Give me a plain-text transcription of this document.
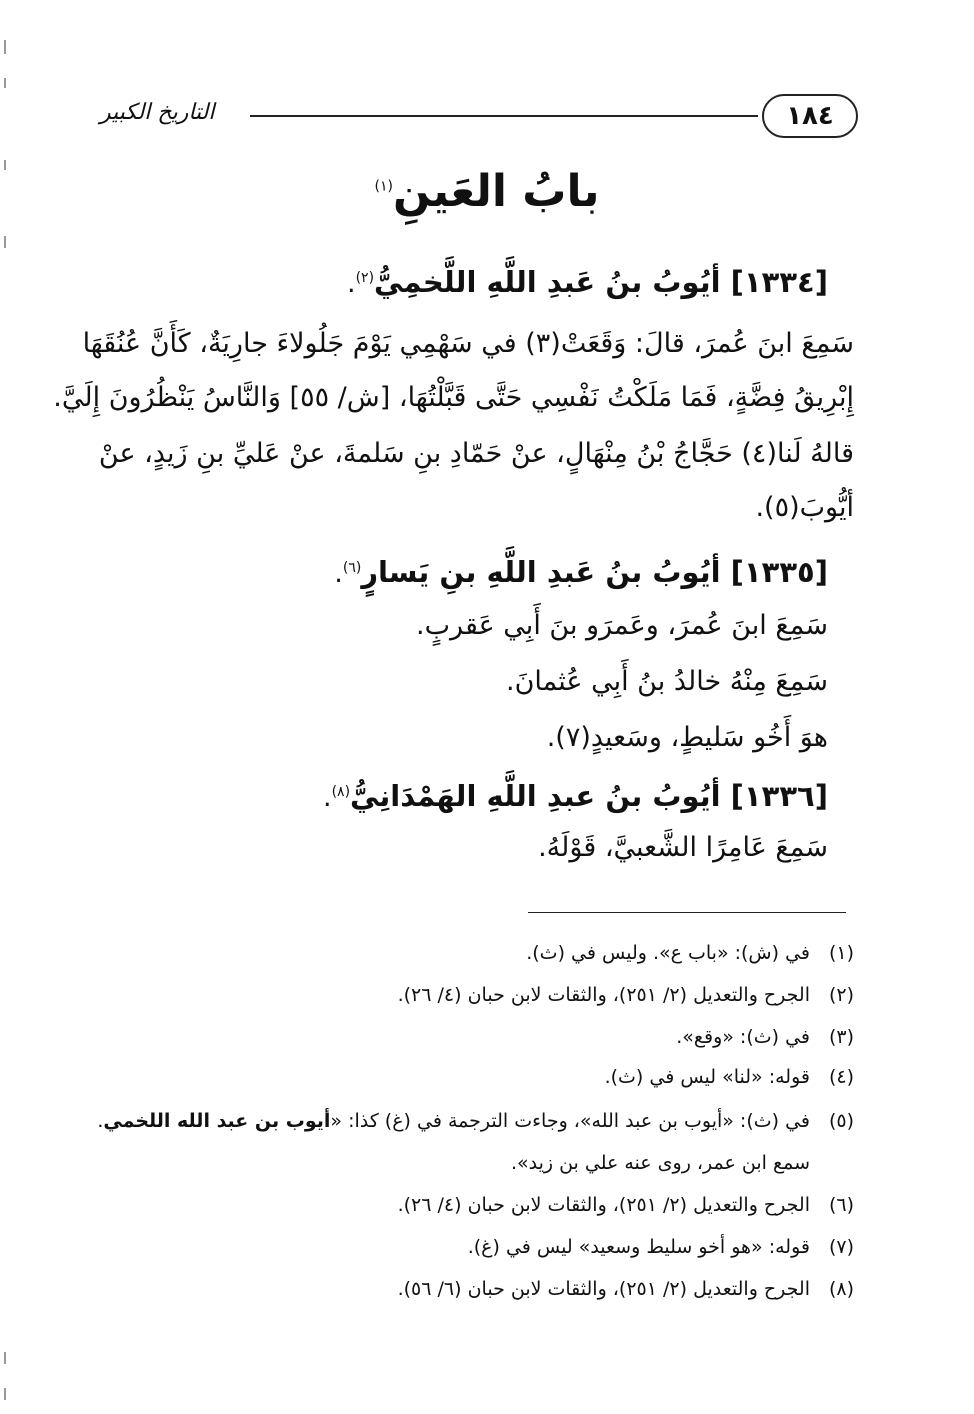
١٨٤
التاريخ الكبير
بابُ العَينِ$^{(١)}$
[١٣٣٤] أيُوبُ بنُ عَبدِ اللَّهِ اللَّخمِيُّ$^{(٢)}$.
سَمِعَ ابنَ عُمرَ، قالَ: وَقَعَتْ(٣) في سَهْمِي يَوْمَ جَلُولاءَ جارِيَةٌ، كَأَنَّ عُنُقَهَا
إِبْرِيقُ فِضَّةٍ، فَمَا مَلَكْتُ نَفْسِي حَتَّى قَبَّلْتُهَا، [ش/ ٥٥] وَالنَّاسُ يَنْظُرُونَ إِلَيَّ.
قالهُ لَنا(٤) حَجَّاجُ بْنُ مِنْهَالٍ، عنْ حَمّادِ بنِ سَلمةَ، عنْ عَليِّ بنِ زَيدٍ، عنْ
أيُّوبَ(٥).
[١٣٣٥] أيُوبُ بنُ عَبدِ اللَّهِ بنِ يَسارٍ$^{(٦)}$.
سَمِعَ ابنَ عُمرَ، وعَمرَو بنَ أَبِي عَقربٍ.
سَمِعَ مِنْهُ خالدُ بنُ أَبِي عُثمانَ.
هوَ أَخُو سَليطٍ، وسَعيدٍ(٧).
[١٣٣٦] أيُوبُ بنُ عبدِ اللَّهِ الهَمْدَانِيُّ$^{(٨)}$.
سَمِعَ عَامِرًا الشَّعبيَّ، قَوْلَهُ.
(١)في (ش): «باب ع». وليس في (ث).
(٢)الجرح والتعديل (٢/ ٢٥١)، والثقات لابن حبان (٤/ ٢٦).
(٣)في (ث): «وقع».
(٤)قوله: «لنا» ليس في (ث).
(٥)في (ث): «أيوب بن عبد الله»، وجاءت الترجمة في (غ) كذا: «أيوب بن عبد الله اللخمي.
سمع ابن عمر، روى عنه علي بن زيد».
(٦)الجرح والتعديل (٢/ ٢٥١)، والثقات لابن حبان (٤/ ٢٦).
(٧)قوله: «هو أخو سليط وسعيد» ليس في (غ).
(٨)الجرح والتعديل (٢/ ٢٥١)، والثقات لابن حبان (٦/ ٥٦).
